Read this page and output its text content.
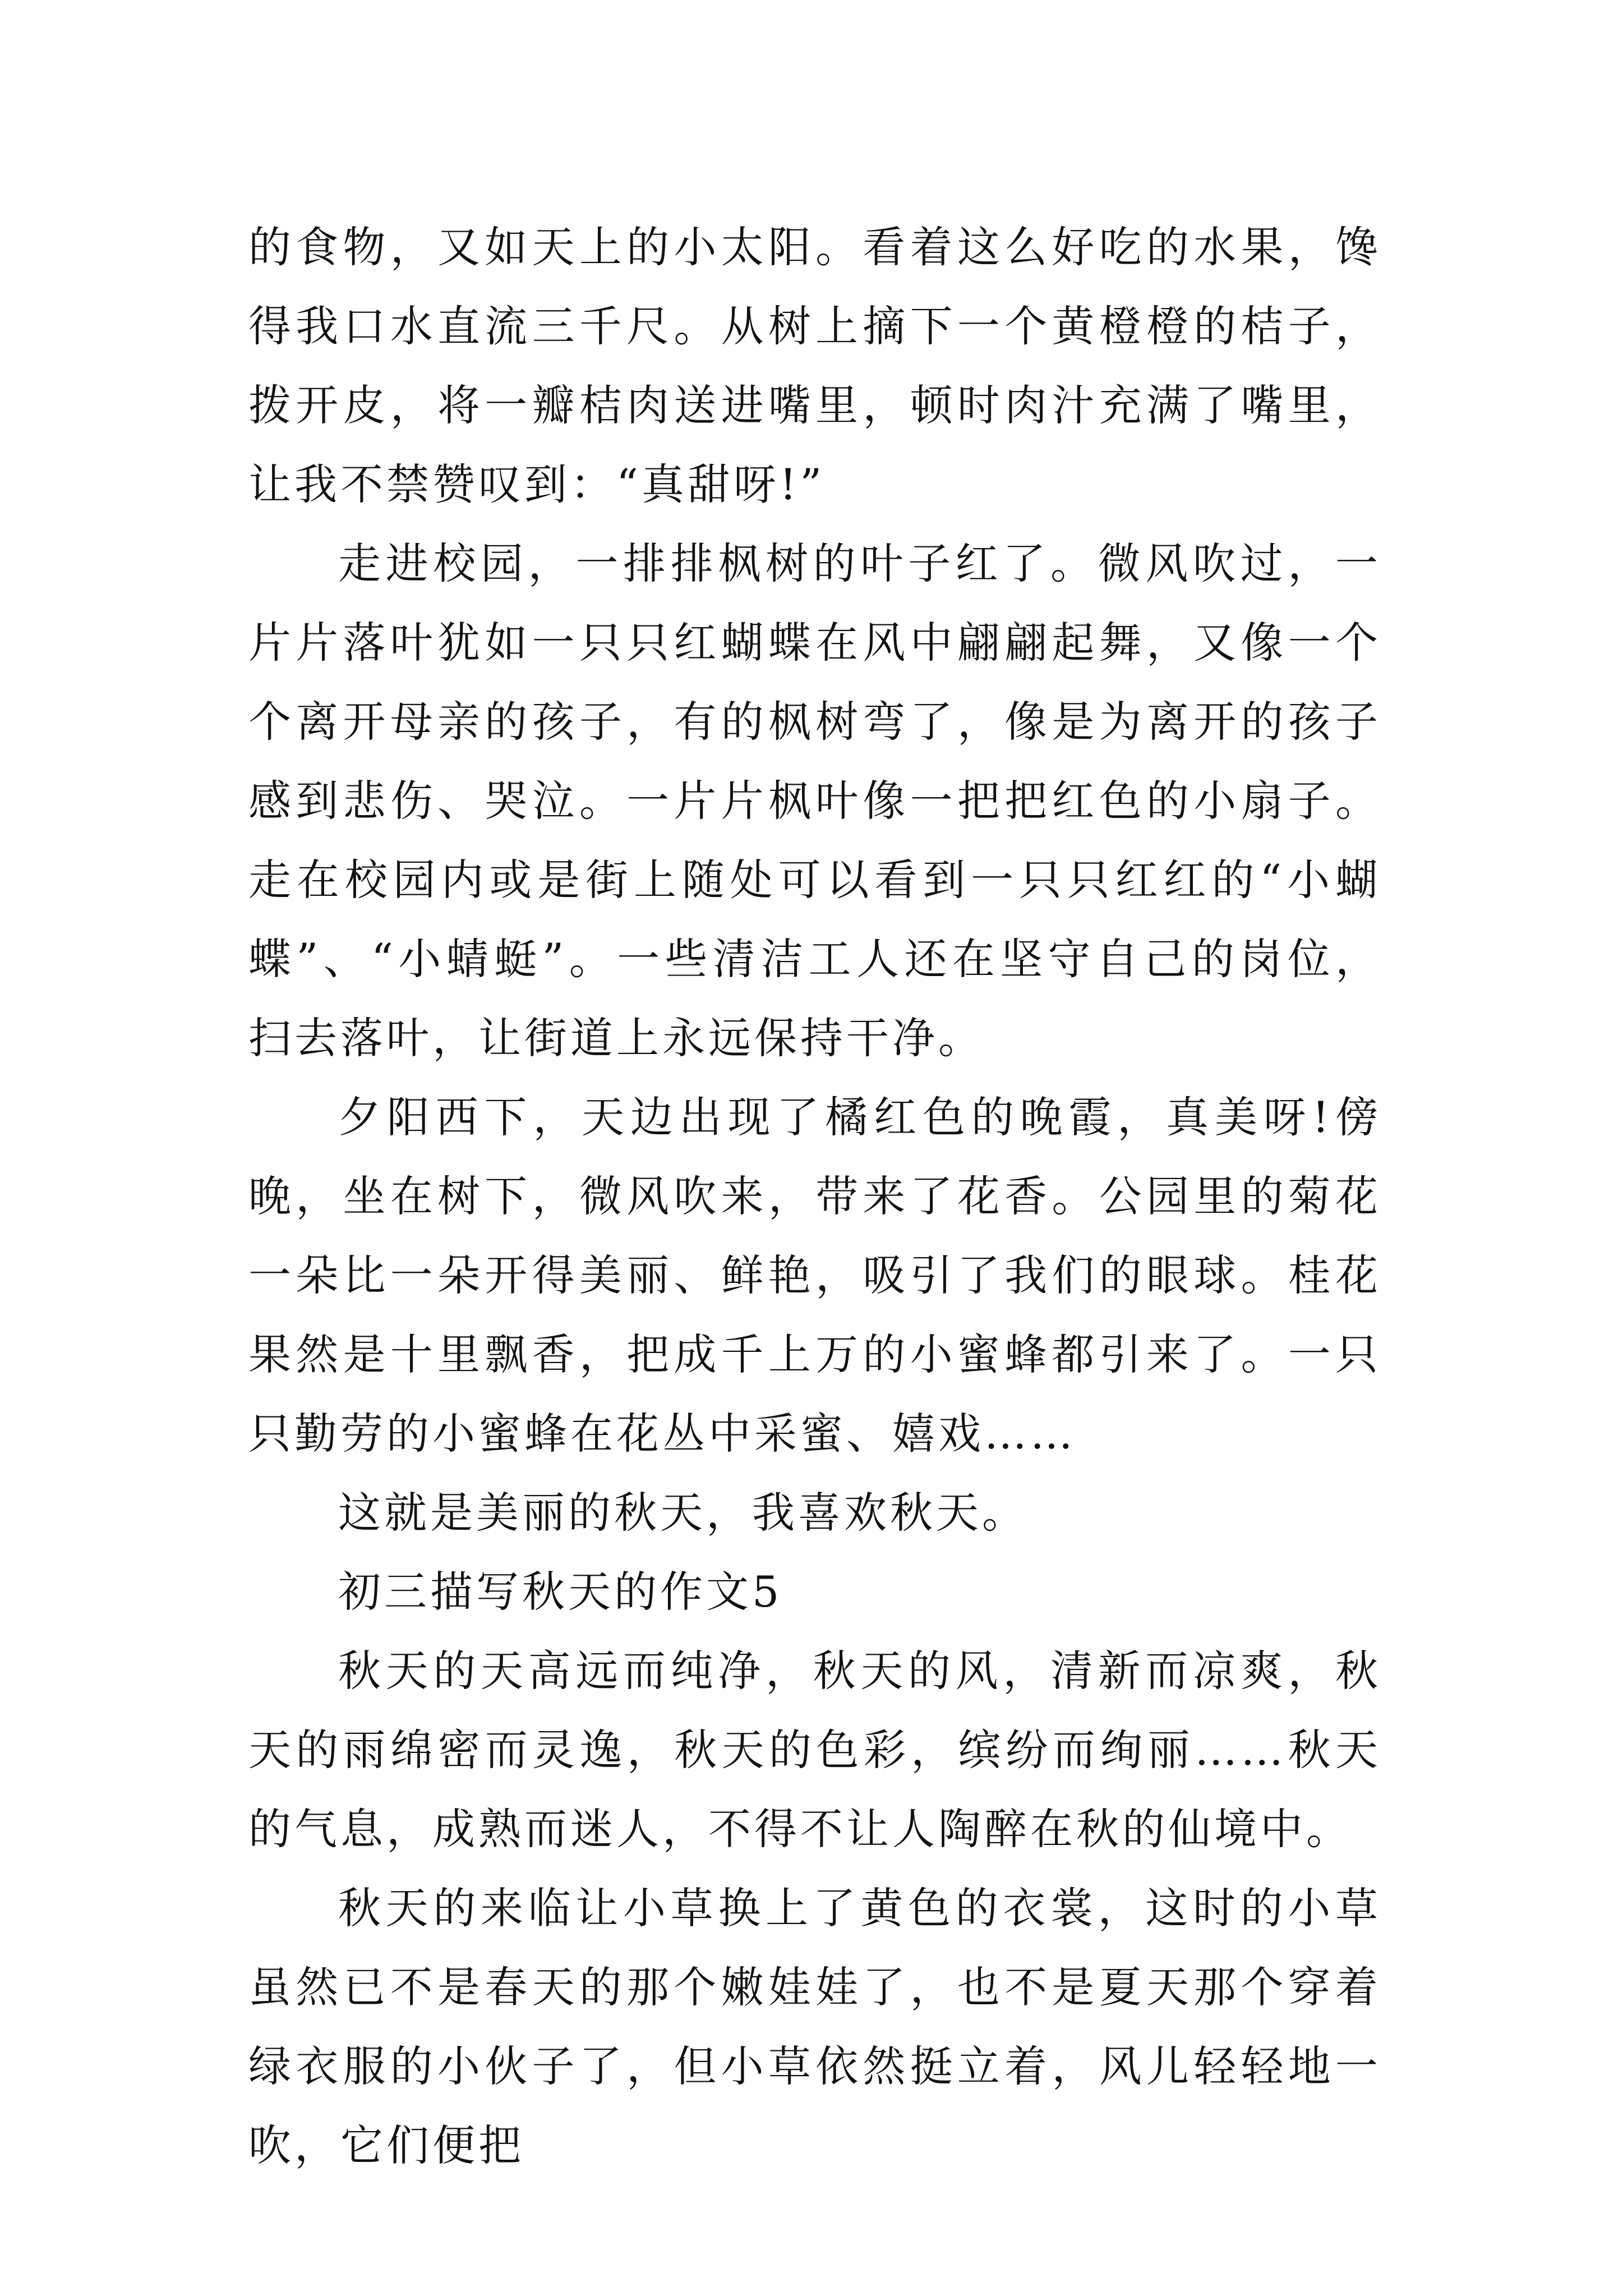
的食物，又如天上的小太阳。看着这么好吃的水果，馋得我口水直流三千尺。从树上摘下一个黄橙橙的桔子，拨开皮，将一瓣桔肉送进嘴里，顿时肉汁充满了嘴里，让我不禁赞叹到：“真甜呀!”

走进校园，一排排枫树的叶子红了。微风吹过，一片片落叶犹如一只只红蝴蝶在风中翩翩起舞，又像一个个离开母亲的孩子，有的枫树弯了，像是为离开的孩子感到悲伤、哭泣。一片片枫叶像一把把红色的小扇子。走在校园内或是街上随处可以看到一只只红红的“小蝴蝶”、“小蜻蜓”。一些清洁工人还在坚守自己的岗位，扫去落叶，让街道上永远保持干净。

夕阳西下，天边出现了橘红色的晚霞，真美呀!傍晚，坐在树下，微风吹来，带来了花香。公园里的菊花一朵比一朵开得美丽、鲜艳，吸引了我们的眼球。桂花果然是十里飘香，把成千上万的小蜜蜂都引来了。一只只勤劳的小蜜蜂在花丛中采蜜、嬉戏……

这就是美丽的秋天，我喜欢秋天。

初三描写秋天的作文5

秋天的天高远而纯净，秋天的风，清新而凉爽，秋天的雨绵密而灵逸，秋天的色彩，缤纷而绚丽……秋天的气息，成熟而迷人，不得不让人陶醉在秋的仙境中。

秋天的来临让小草换上了黄色的衣裳，这时的小草虽然已不是春天的那个嫩娃娃了，也不是夏天那个穿着绿衣服的小伙子了，但小草依然挺立着，风儿轻轻地一吹，它们便把
